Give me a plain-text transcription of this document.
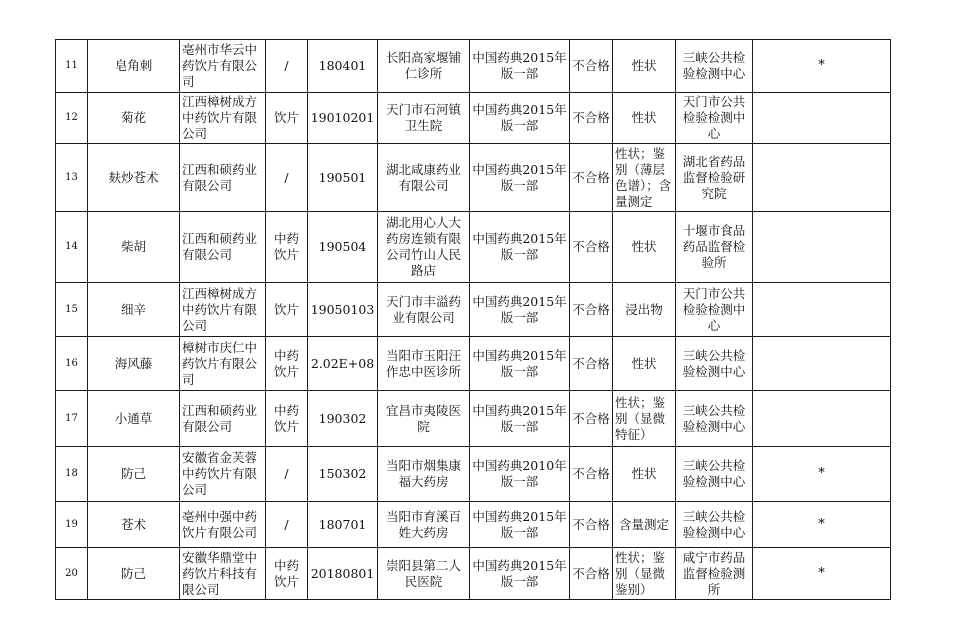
11	皂角刺	亳州市华云中药饮片有限公司	/	180401	长阳高家堰铺仁诊所	中国药典2015年版一部	不合格	性状	三峡公共检验检测中心	*
12	菊花	江西樟树成方中药饮片有限公司	饮片	19010201	天门市石河镇卫生院	中国药典2015年版一部	不合格	性状	天门市公共检验检测中心	
13	麸炒苍术	江西和硕药业有限公司	/	190501	湖北咸康药业有限公司	中国药典2015年版一部	不合格	性状；鉴别（薄层色谱）；含量测定	湖北省药品监督检验研究院	
14	柴胡	江西和硕药业有限公司	中药饮片	190504	湖北用心人大药房连锁有限公司竹山人民路店	中国药典2015年版一部	不合格	性状	十堰市食品药品监督检验所	
15	细辛	江西樟树成方中药饮片有限公司	饮片	19050103	天门市丰溢药业有限公司	中国药典2015年版一部	不合格	浸出物	天门市公共检验检测中心	
16	海风藤	樟树市庆仁中药饮片有限公司	中药饮片	2.02E+08	当阳市玉阳汪作忠中医诊所	中国药典2015年版一部	不合格	性状	三峡公共检验检测中心	
17	小通草	江西和硕药业有限公司	中药饮片	190302	宜昌市夷陵医院	中国药典2015年版一部	不合格	性状；鉴别（显微特征）	三峡公共检验检测中心	
18	防己	安徽省金芙蓉中药饮片有限公司	/	150302	当阳市烟集康福大药房	中国药典2010年版一部	不合格	性状	三峡公共检验检测中心	*
19	苍术	亳州中强中药饮片有限公司	/	180701	当阳市育溪百姓大药房	中国药典2015年版一部	不合格	含量测定	三峡公共检验检测中心	*
20	防己	安徽华鼎堂中药饮片科技有限公司	中药饮片	20180801	崇阳县第二人民医院	中国药典2015年版一部	不合格	性状；鉴别（显微鉴别）	咸宁市药品监督检验测所	*
